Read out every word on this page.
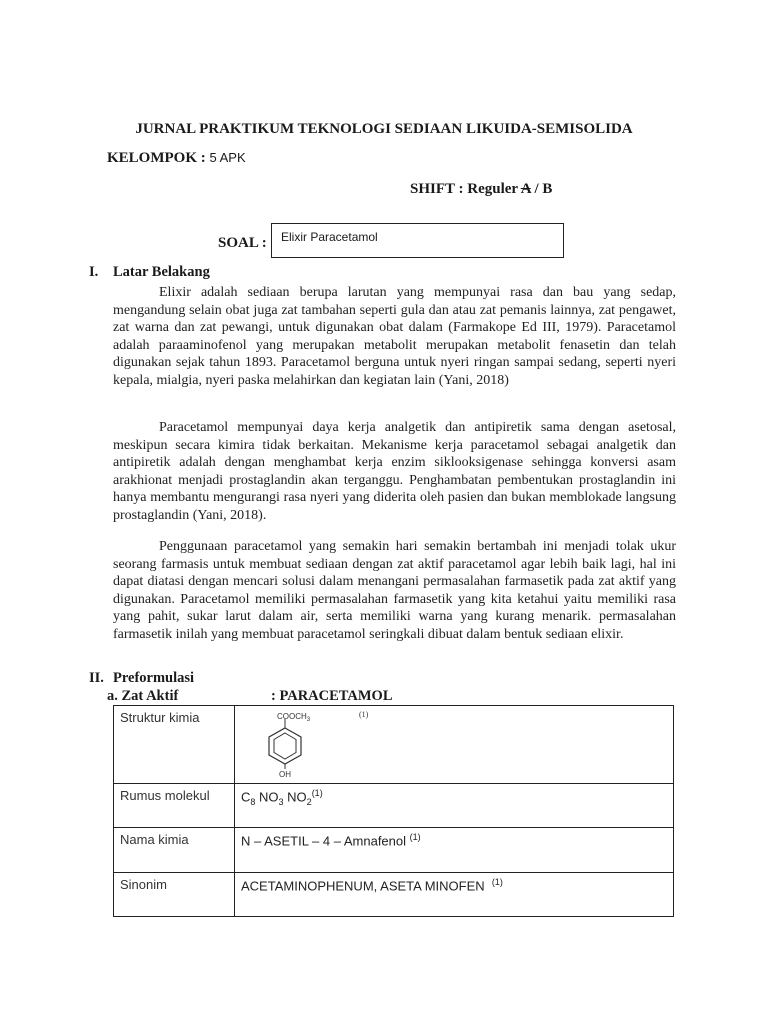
JURNAL PRAKTIKUM TEKNOLOGI SEDIAAN LIKUIDA-SEMISOLIDA
KELOMPOK : 5 APK
SHIFT : Reguler A / B
SOAL :	Elixir Paracetamol
I. Latar Belakang

Elixir adalah sediaan berupa larutan yang mempunyai rasa dan bau yang sedap, mengandung selain obat juga zat tambahan seperti gula dan atau zat pemanis lainnya, zat pengawet, zat warna dan zat pewangi, untuk digunakan obat dalam (Farmakope Ed III, 1979). Paracetamol adalah paraaminofenol yang merupakan metabolit merupakan metabolit fenasetin dan telah digunakan sejak tahun 1893. Paracetamol berguna untuk nyeri ringan sampai sedang, seperti nyeri kepala, mialgia, nyeri paska melahirkan dan kegiatan lain (Yani, 2018)

Paracetamol mempunyai daya kerja analgetik dan antipiretik sama dengan asetosal, meskipun secara kimira tidak berkaitan. Mekanisme kerja paracetamol sebagai analgetik dan antipiretik adalah dengan menghambat kerja enzim siklooksigenase sehingga konversi asam arakhionat menjadi prostaglandin akan terganggu. Penghambatan pembentukan prostaglandin ini hanya membantu mengurangi rasa nyeri yang diderita oleh pasien dan bukan memblokade langsung prostaglandin (Yani, 2018).

Penggunaan paracetamol yang semakin hari semakin bertambah ini menjadi tolak ukur seorang farmasis untuk membuat sediaan dengan zat aktif paracetamol agar lebih baik lagi, hal ini dapat diatasi dengan mencari solusi dalam menangani permasalahan farmasetik pada zat aktif yang digunakan. Paracetamol memiliki permasalahan farmasetik yang kita ketahui yaitu memiliki rasa yang pahit, sukar larut dalam air, serta memiliki warna yang kurang menarik. permasalahan farmasetik inilah yang membuat paracetamol seringkali dibuat dalam bentuk sediaan elixir.

II. Preformulasi
a. Zat Aktif	: PARACETAMOL
Struktur kimia	$COOCH_3$
OH
(1)

Rumus molekul	$C_8$ $NO_3$ $NO_2^{(1)}$
Nama kimia	N – ASETIL – 4 – Amnafenol $^{(1)}$
Sinonim	ACETAMINOPHENUM, ASETA MINOFEN $^{(1)}$
